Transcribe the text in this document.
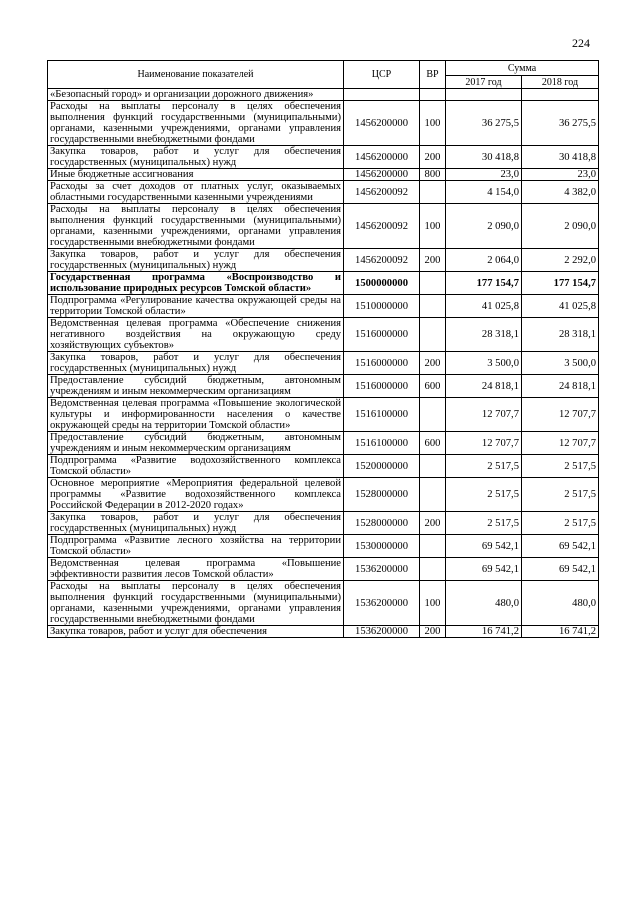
224
Наименование показателей	ЦСР	ВР	Сумма	
			2017 год	2018 год
«Безопасный город» и организации дорожного движения»				
Расходы на выплаты персоналу в целях обеспечения выполнения функций государственными (муниципальными) органами, казенными учреждениями, органами управления государственными внебюджетными фондами	1456200000	100	36 275,5	36 275,5
Закупка товаров, работ и услуг для обеспечения государственных (муниципальных) нужд	1456200000	200	30 418,8	30 418,8
Иные бюджетные ассигнования	1456200000	800	23,0	23,0
Расходы за счет доходов от платных услуг, оказываемых областными государственными казенными учреждениями	1456200092		4 154,0	4 382,0
Расходы на выплаты персоналу в целях обеспечения выполнения функций государственными (муниципальными) органами, казенными учреждениями, органами управления государственными внебюджетными фондами	1456200092	100	2 090,0	2 090,0
Закупка товаров, работ и услуг для обеспечения государственных (муниципальных) нужд	1456200092	200	2 064,0	2 292,0
Государственная программа «Воспроизводство и использование природных ресурсов Томской области»	1500000000		177 154,7	177 154,7
Подпрограмма «Регулирование качества окружающей среды на территории Томской области»	1510000000		41 025,8	41 025,8
Ведомственная целевая программа «Обеспечение снижения негативного воздействия на окружающую среду хозяйствующих субъектов»	1516000000		28 318,1	28 318,1
Закупка товаров, работ и услуг для обеспечения государственных (муниципальных) нужд	1516000000	200	3 500,0	3 500,0
Предоставление субсидий бюджетным, автономным учреждениям и иным некоммерческим организациям	1516000000	600	24 818,1	24 818,1
Ведомственная целевая программа «Повышение экологической культуры и информированности населения о качестве окружающей среды на территории Томской области»	1516100000		12 707,7	12 707,7
Предоставление субсидий бюджетным, автономным учреждениям и иным некоммерческим организациям	1516100000	600	12 707,7	12 707,7
Подпрограмма «Развитие водохозяйственного комплекса Томской области»	1520000000		2 517,5	2 517,5
Основное мероприятие «Мероприятия федеральной целевой программы «Развитие водохозяйственного комплекса Российской Федерации в 2012-2020 годах»	1528000000		2 517,5	2 517,5
Закупка товаров, работ и услуг для обеспечения государственных (муниципальных) нужд	1528000000	200	2 517,5	2 517,5
Подпрограмма «Развитие лесного хозяйства на территории Томской области»	1530000000		69 542,1	69 542,1
Ведомственная целевая программа «Повышение эффективности развития лесов Томской области»	1536200000		69 542,1	69 542,1
Расходы на выплаты персоналу в целях обеспечения выполнения функций государственными (муниципальными) органами, казенными учреждениями, органами управления государственными внебюджетными фондами	1536200000	100	480,0	480,0
Закупка товаров, работ и услуг для обеспечения	1536200000	200	16 741,2	16 741,2
